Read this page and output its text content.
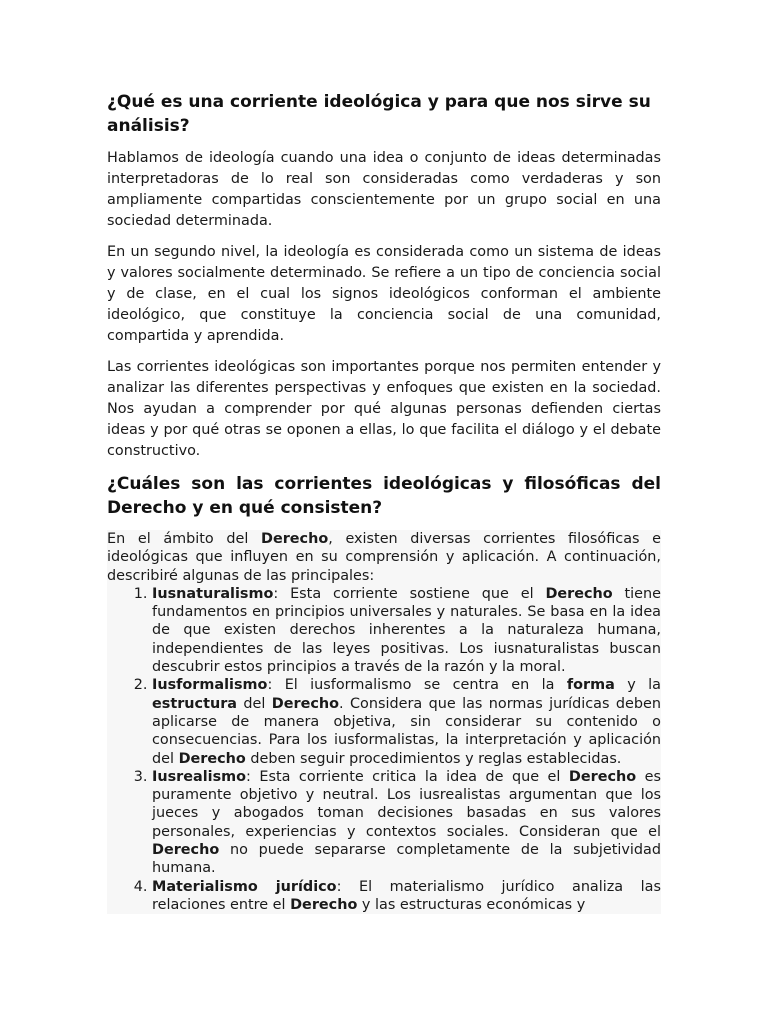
¿Qué es una corriente ideológica y para que nos sirve su análisis?

Hablamos de ideología cuando una idea o conjunto de ideas determinadas interpretadoras de lo real son consideradas como verdaderas y son ampliamente compartidas conscientemente por un grupo social en una sociedad determinada.

En un segundo nivel, la ideología es considerada como un sistema de ideas y valores socialmente determinado. Se refiere a un tipo de conciencia social y de clase, en el cual los signos ideológicos conforman el ambiente ideológico, que constituye la conciencia social de una comunidad, compartida y aprendida.

Las corrientes ideológicas son importantes porque nos permiten entender y analizar las diferentes perspectivas y enfoques que existen en la sociedad. Nos ayudan a comprender por qué algunas personas defienden ciertas ideas y por qué otras se oponen a ellas, lo que facilita el diálogo y el debate constructivo.

¿Cuáles son las corrientes ideológicas y filosóficas del Derecho y en qué consisten?

En el ámbito del Derecho, existen diversas corrientes filosóficas e ideológicas que influyen en su comprensión y aplicación. A continuación, describiré algunas de las principales:

1. Iusnaturalismo: Esta corriente sostiene que el Derecho tiene fundamentos en principios universales y naturales. Se basa en la idea de que existen derechos inherentes a la naturaleza humana, independientes de las leyes positivas. Los iusnaturalistas buscan descubrir estos principios a través de la razón y la moral.
2. Iusformalismo: El iusformalismo se centra en la forma y la estructura del Derecho. Considera que las normas jurídicas deben aplicarse de manera objetiva, sin considerar su contenido o consecuencias. Para los iusformalistas, la interpretación y aplicación del Derecho deben seguir procedimientos y reglas establecidas.
3. Iusrealismo: Esta corriente critica la idea de que el Derecho es puramente objetivo y neutral. Los iusrealistas argumentan que los jueces y abogados toman decisiones basadas en sus valores personales, experiencias y contextos sociales. Consideran que el Derecho no puede separarse completamente de la subjetividad humana.
4. Materialismo jurídico: El materialismo jurídico analiza las relaciones entre el Derecho y las estructuras económicas y
